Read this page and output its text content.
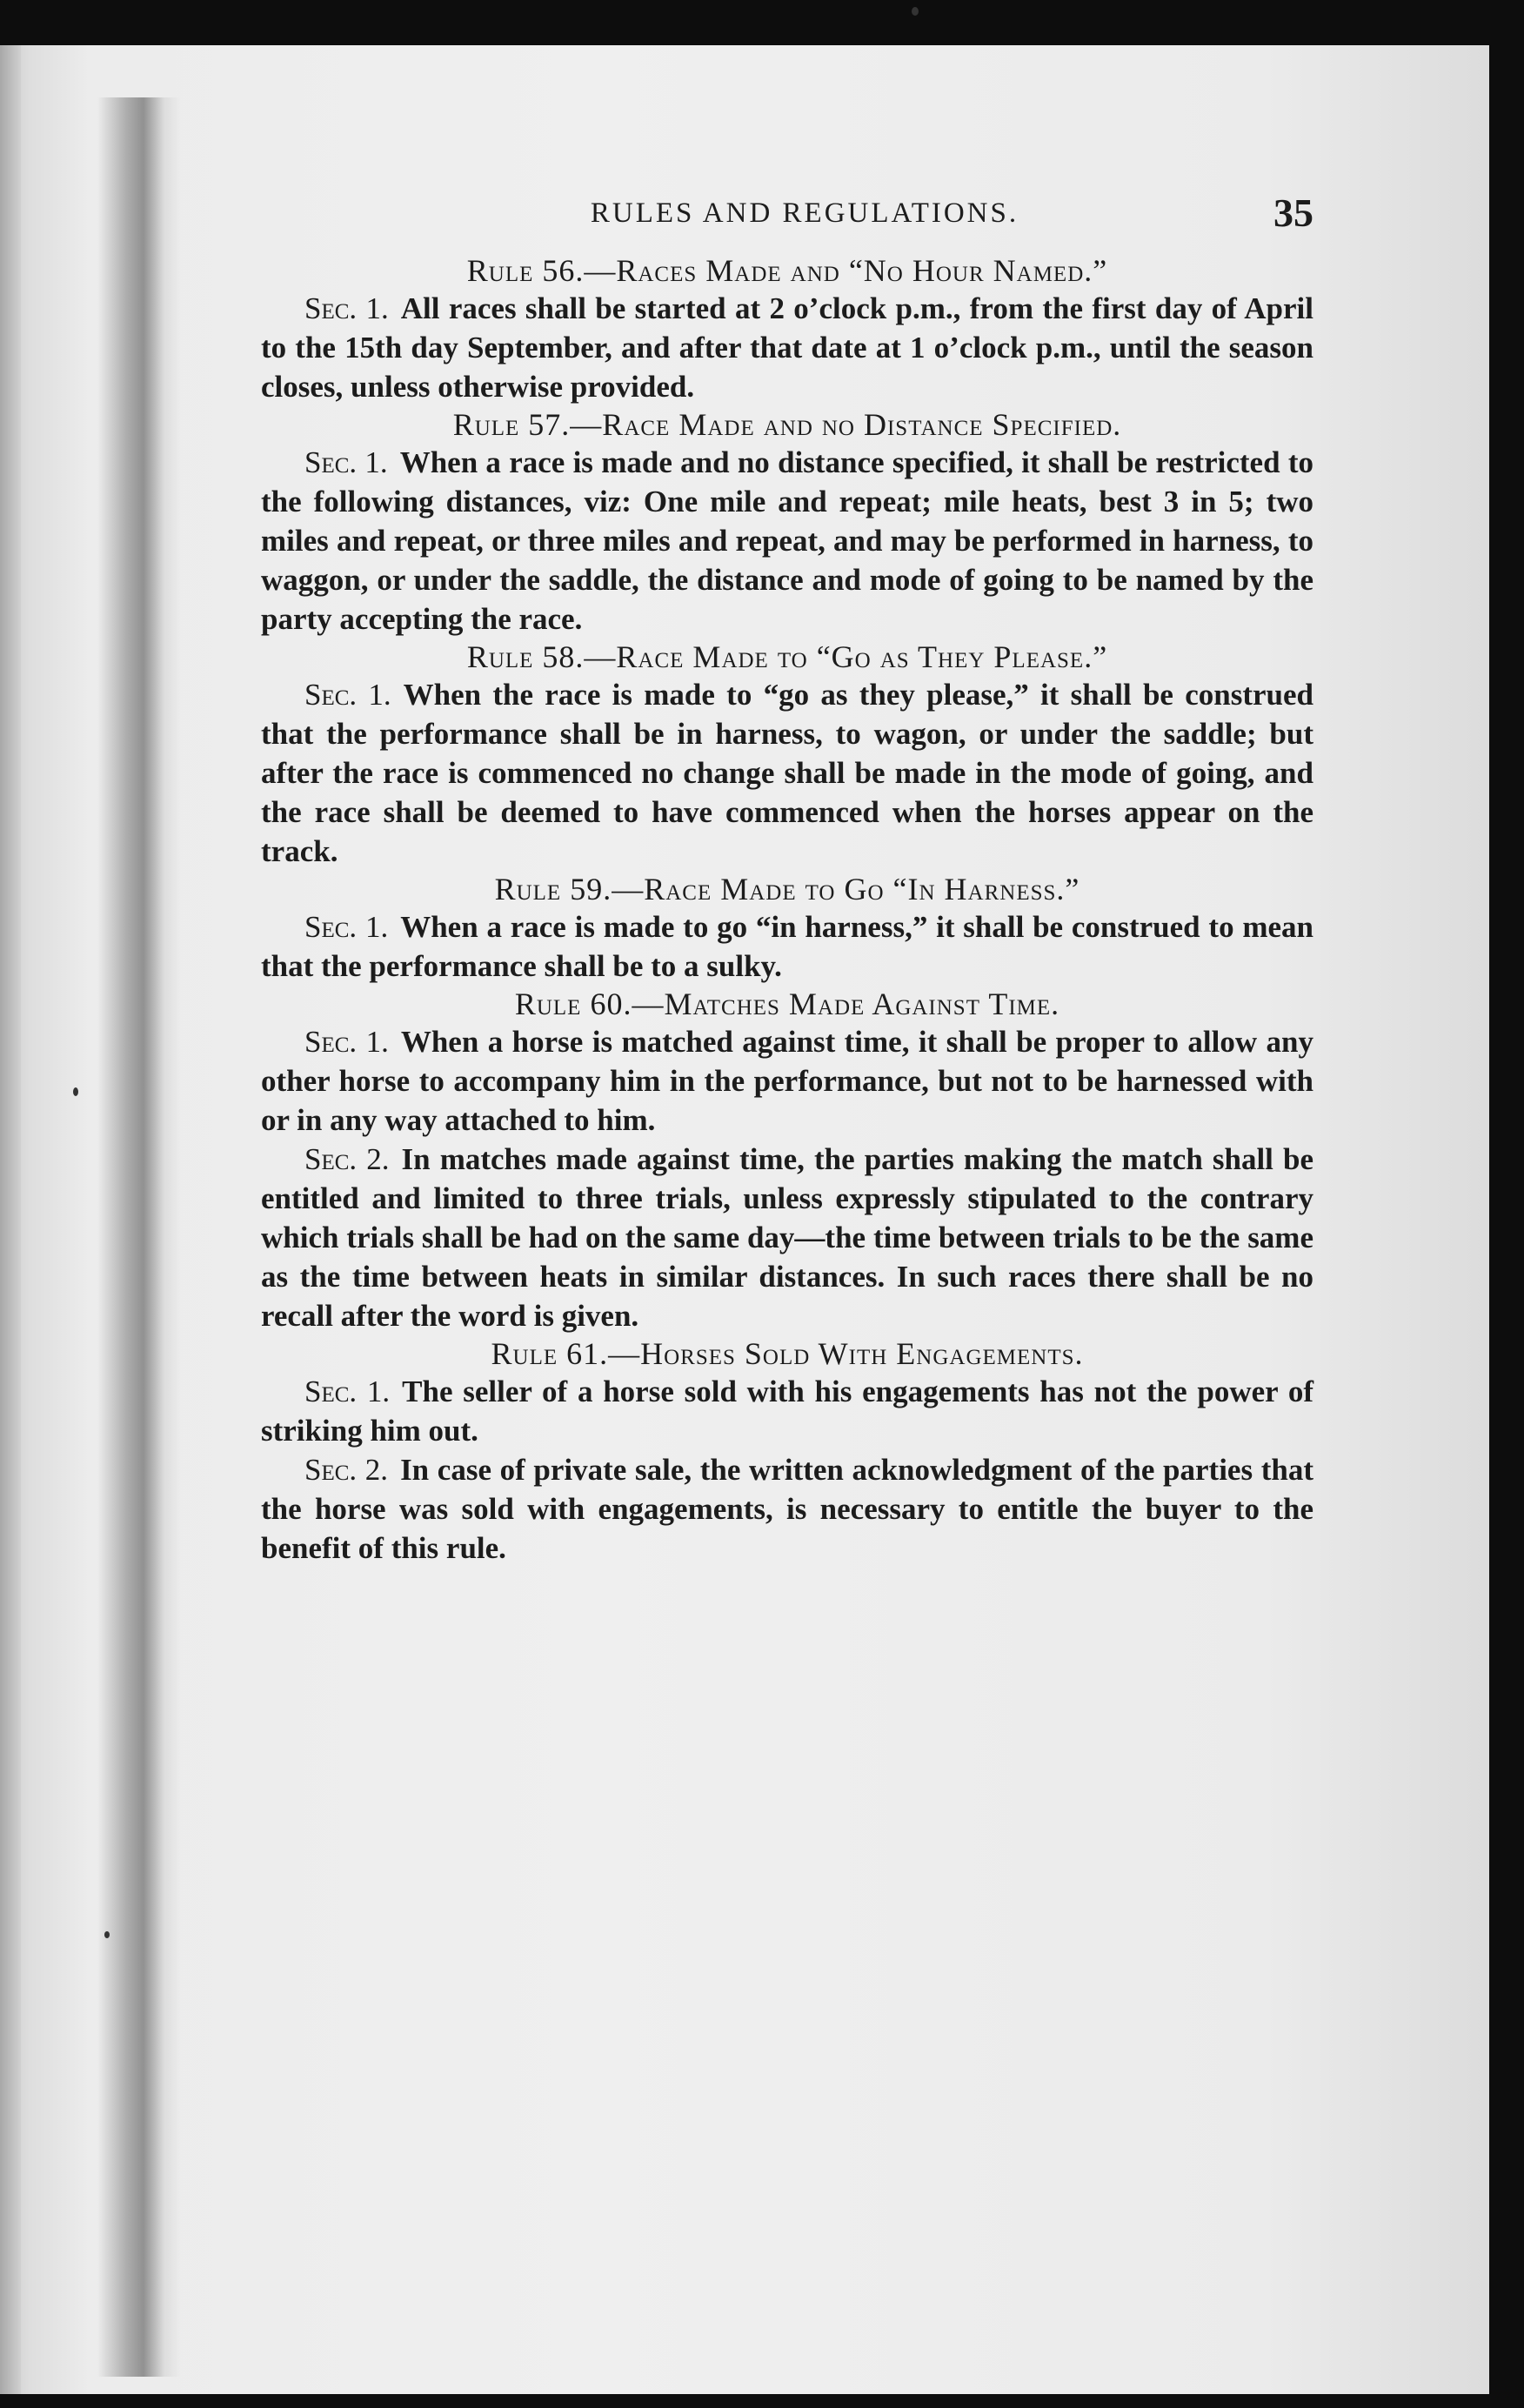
RULES AND REGULATIONS.	35
Rule 56.—Races Made and “No Hour Named.”

Sec. 1. All races shall be started at 2 o’clock p.m., from the first day of April to the 15th day September, and after that date at 1 o’clock p.m., until the season closes, unless otherwise provided.

Rule 57.—Race Made and no Distance Specified.

Sec. 1. When a race is made and no distance specified, it shall be restricted to the following distances, viz: One mile and repeat; mile heats, best 3 in 5; two miles and repeat, or three miles and repeat, and may be performed in harness, to waggon, or under the saddle, the distance and mode of going to be named by the party accepting the race.

Rule 58.—Race Made to “Go as They Please.”

Sec. 1. When the race is made to “go as they please,” it shall be construed that the performance shall be in harness, to wagon, or under the saddle; but after the race is commenced no change shall be made in the mode of going, and the race shall be deemed to have commenced when the horses appear on the track.

Rule 59.—Race Made to Go “In Harness.”

Sec. 1. When a race is made to go “in harness,” it shall be construed to mean that the performance shall be to a sulky.

Rule 60.—Matches Made Against Time.

Sec. 1. When a horse is matched against time, it shall be proper to allow any other horse to accompany him in the performance, but not to be harnessed with or in any way attached to him.

Sec. 2. In matches made against time, the parties making the match shall be entitled and limited to three trials, unless expressly stipulated to the contrary which trials shall be had on the same day—the time between trials to be the same as the time between heats in similar distances. In such races there shall be no recall after the word is given.

Rule 61.—Horses Sold With Engagements.

Sec. 1. The seller of a horse sold with his engagements has not the power of striking him out.

Sec. 2. In case of private sale, the written acknowledgment of the parties that the horse was sold with engagements, is necessary to entitle the buyer to the benefit of this rule.
